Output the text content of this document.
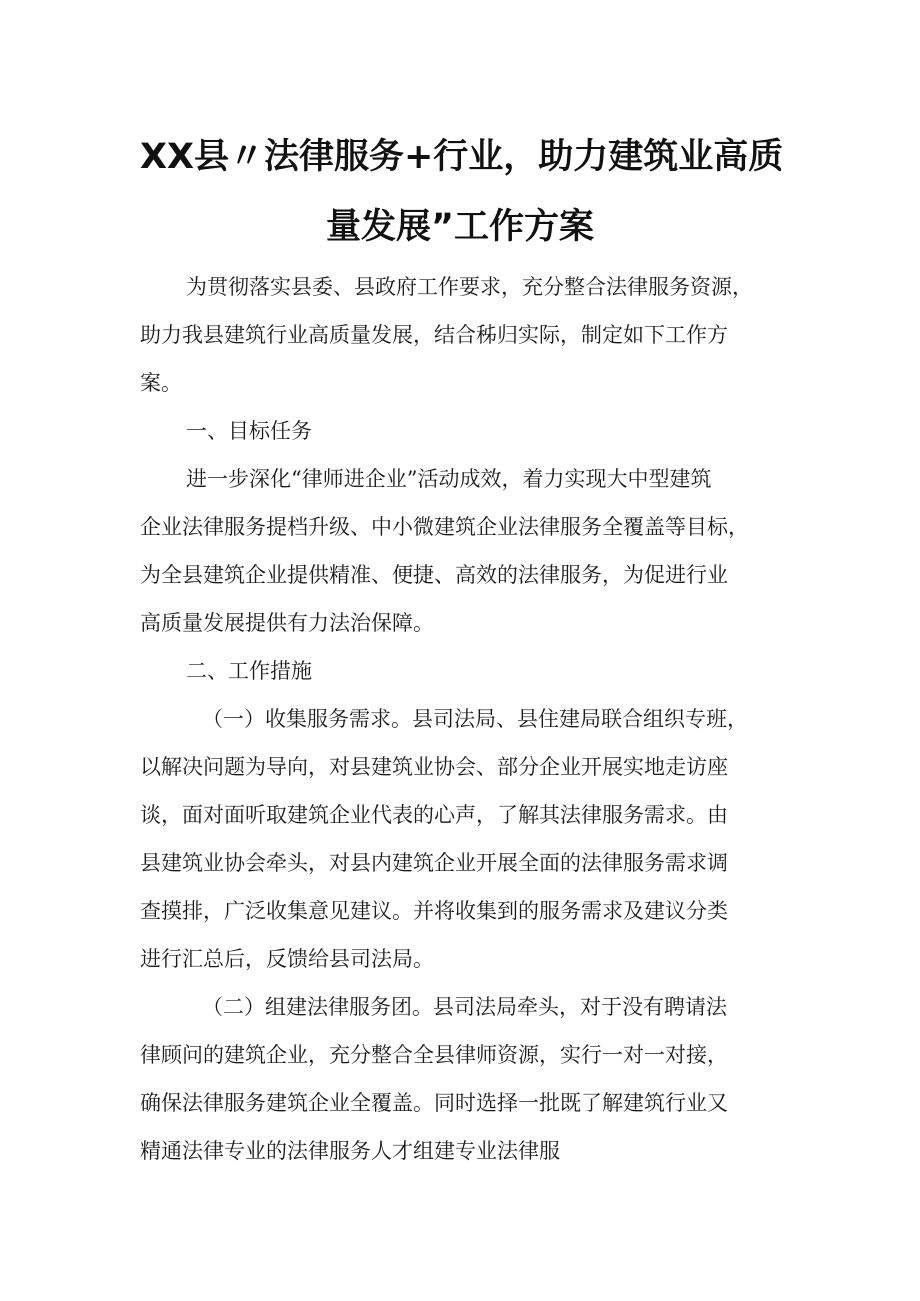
XX县〃法律服务+行业，助力建筑业高质
量发展”工作方案
为贯彻落实县委、县政府工作要求，充分整合法律服务资源，
助力我县建筑行业高质量发展，结合秭归实际，制定如下工作方
案。
一、目标任务
进一步深化“律师进企业”活动成效，着力实现大中型建筑
企业法律服务提档升级、中小微建筑企业法律服务全覆盖等目标，
为全县建筑企业提供精准、便捷、高效的法律服务，为促进行业
高质量发展提供有力法治保障。
二、工作措施
（一）收集服务需求。县司法局、县住建局联合组织专班，
以解决问题为导向，对县建筑业协会、部分企业开展实地走访座
谈，面对面听取建筑企业代表的心声，了解其法律服务需求。由
县建筑业协会牵头，对县内建筑企业开展全面的法律服务需求调
查摸排，广泛收集意见建议。并将收集到的服务需求及建议分类
进行汇总后，反馈给县司法局。
（二）组建法律服务团。县司法局牵头，对于没有聘请法
律顾问的建筑企业，充分整合全县律师资源，实行一对一对接，
确保法律服务建筑企业全覆盖。同时选择一批既了解建筑行业又
精通法律专业的法律服务人才组建专业法律服
